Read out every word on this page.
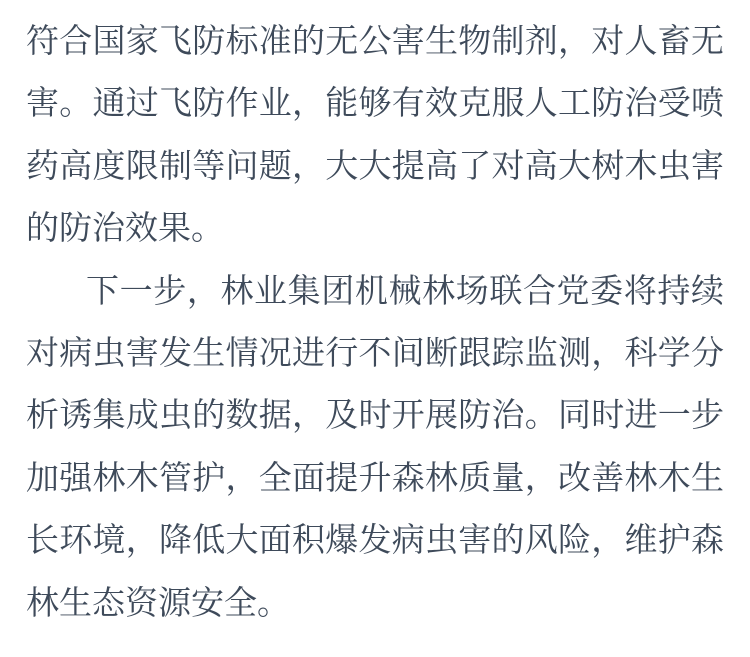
符合国家飞防标准的无公害生物制剂，对人畜无害。通过飞防作业，能够有效克服人工防治受喷药高度限制等问题，大大提高了对高大树木虫害的防治效果。

下一步，林业集团机械林场联合党委将持续对病虫害发生情况进行不间断跟踪监测，科学分析诱集成虫的数据，及时开展防治。同时进一步加强林木管护，全面提升森林质量，改善林木生长环境，降低大面积爆发病虫害的风险，维护森林生态资源安全。
